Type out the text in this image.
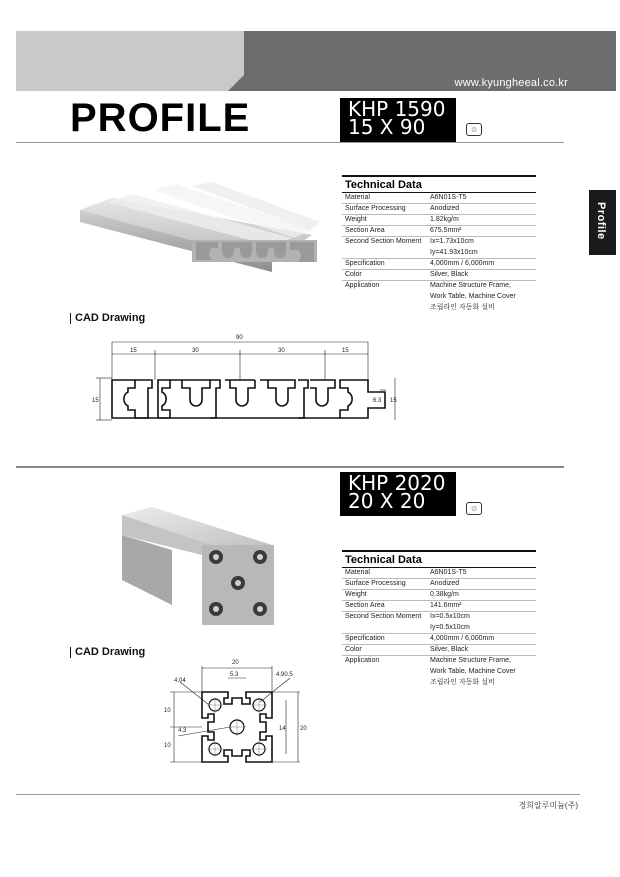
www.kyungheeal.co.kr
PROFILE
Profile
KHP 1590
15 X 90	♲
Technical Data
Material	A6N01S-T5
Surface Processing	Anodized
Weight	1.82kg/m
Section Area	675.5mm²
Second Section Moment	Ix=1.73x10cm
Iy=41.93x10cm
Specification	4,000mm / 6,000mm
Color	Silver, Black
Application	Machine Structure Frame,
Work Table, Machine Cover
조립라인 자동화 설비
CAD Drawing
90
15	30	30	15
15	6.3 15
KHP 2020
20 X 20	♲
Technical Data
Material	A6N01S-T5
Surface Processing	Anodized
Weight	0.38kg/m
Section Area	141.6mm²
Second Section Moment	Ix=0.5x10cm
Iy=0.5x10cm
Specification	4,000mm / 6,000mm
Color	Silver, Black
Application	Machine Structure Frame,
Work Table, Machine Cover
조립라인 자동화 설비
CAD Drawing
20
5.3
4.04
4.90.5
4.3
10
10
14 20
경희알루미늄(주)
